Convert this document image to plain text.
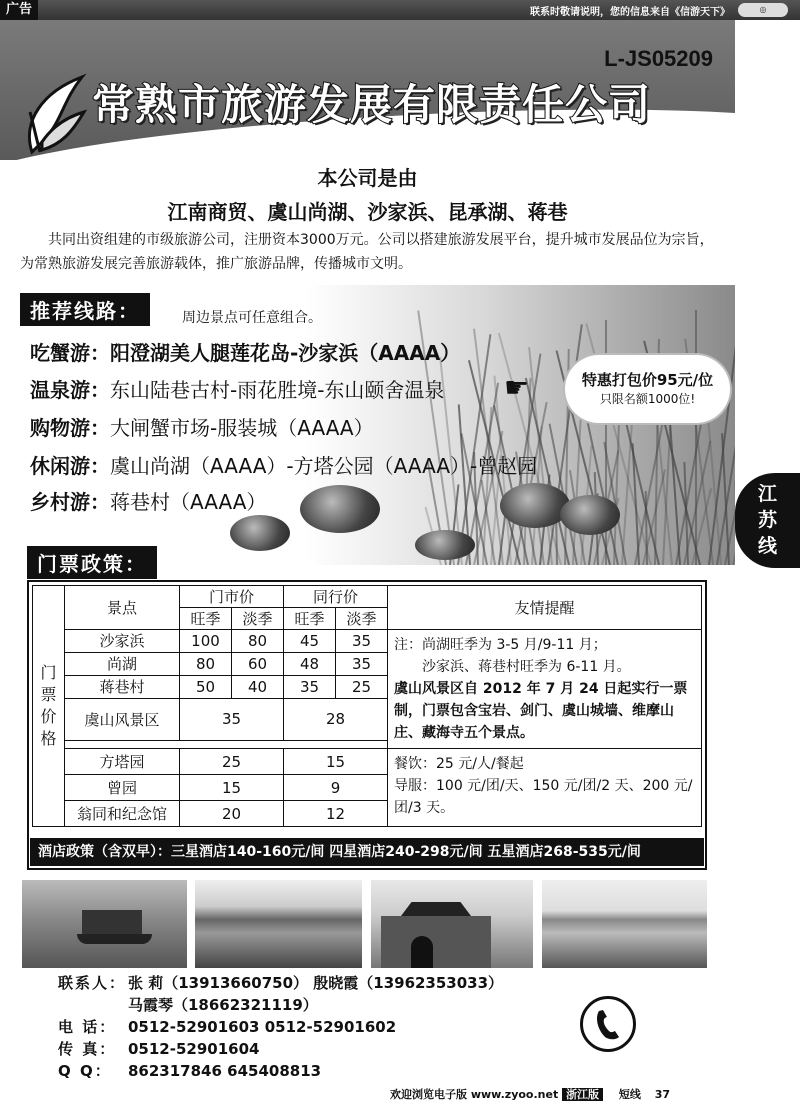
广告	联系时敬请说明，您的信息来自《信游天下》	◎
L-JS05209
常熟市旅游发展有限责任公司
本公司是由
江南商贸、虞山尚湖、沙家浜、昆承湖、蒋巷
共同出资组建的市级旅游公司，注册资本3000万元。公司以搭建旅游发展平台，提升城市发展品位为宗旨，为常熟旅游发展完善旅游载体，推广旅游品牌，传播城市文明。
推荐线路：	周边景点可任意组合。
吃蟹游：阳澄湖美人腿莲花岛-沙家浜（AAAA）
温泉游：东山陆巷古村-雨花胜境-东山颐舍温泉
购物游：大闸蟹市场-服装城（AAAA）
休闲游：虞山尚湖（AAAA）-方塔公园（AAAA）-曾赵园
乡村游：蒋巷村（AAAA）
☛	特惠打包价95元/位
只限名额1000位!
江
苏
线
门票政策：
门
票
价
格	景点	门市价		同行价		友情提醒
		旺季	淡季	旺季	淡季	
	沙家浜	100	80	45	35	注：尚湖旺季为 3-5 月/9-11 月；
沙家浜、蒋巷村旺季为 6-11 月。
虞山风景区自 2012 年 7 月 24 日起实行一票制，门票包含宝岩、剑门、虞山城墙、维摩山庄、藏海寺五个景点。

	尚湖	80	60	48	35	
	蒋巷村	50	40	35	25	
	虞山风景区	35		28		

	方塔园	25		15		餐饮：25 元/人/餐起
导服：100 元/团/天、150 元/团/2 天、200 元/团/3 天。

	曾园	15		9		
	翁同和纪念馆	20		12		
酒店政策（含双早）：三星酒店140-160元/间 四星酒店240-298元/间 五星酒店268-535元/间
联系人： 张 莉（13913660750） 殷晓霞（13962353033）
马霞琴（18662321119）
电 话： 0512-52901603 0512-52901602
传 真： 0512-52901604
Q Q： 862317846 645408813
欢迎浏览电子版 www.zyoo.net 浙江版 短线 37
